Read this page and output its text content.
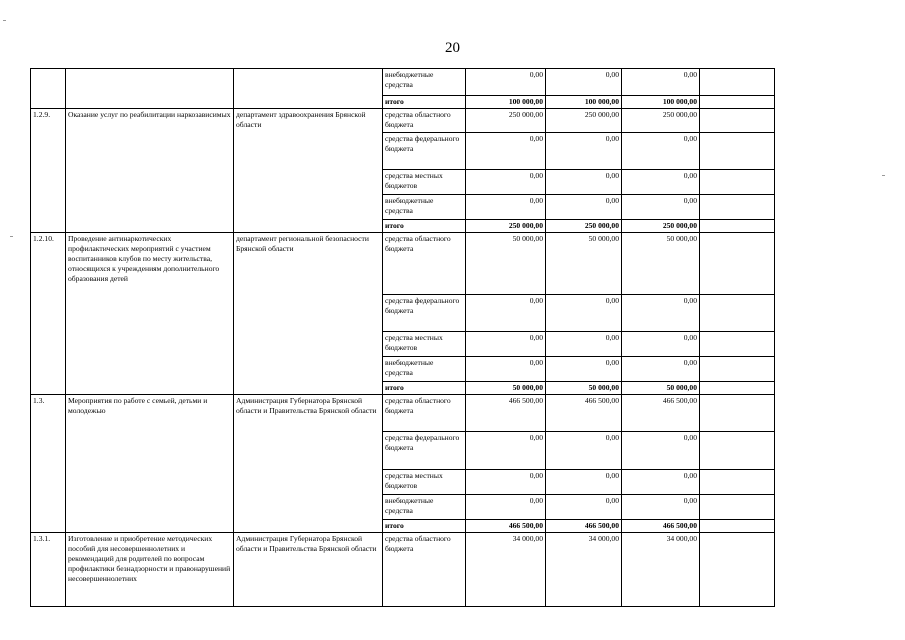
20
			внебюджетные средства	0,00	0,00	0,00	
			итого	100 000,00	100 000,00	100 000,00	
1.2.9.	Оказание услуг по реабилитации наркозависимых	департамент здравоохранения Брянской области	средства областного бюджета	250 000,00	250 000,00	250 000,00	
			средства федерального бюджета	0,00	0,00	0,00	
			средства местных бюджетов	0,00	0,00	0,00	
			внебюджетные средства	0,00	0,00	0,00	
			итого	250 000,00	250 000,00	250 000,00	
1.2.10.	Проведение антинаркотических профилактических мероприятий с участием воспитанников клубов по месту жительства, относящихся к учреждениям дополнительного образования детей	департамент региональной безопасности Брянской области	средства областного бюджета	50 000,00	50 000,00	50 000,00	
			средства федерального бюджета	0,00	0,00	0,00	
			средства местных бюджетов	0,00	0,00	0,00	
			внебюджетные средства	0,00	0,00	0,00	
			итого	50 000,00	50 000,00	50 000,00	
1.3.	Мероприятия по работе с семьей, детьми и молодежью	Администрация Губернатора Брянской области и Правительства Брянской области	средства областного бюджета	466 500,00	466 500,00	466 500,00	
			средства федерального бюджета	0,00	0,00	0,00	
			средства местных бюджетов	0,00	0,00	0,00	
			внебюджетные средства	0,00	0,00	0,00	
			итого	466 500,00	466 500,00	466 500,00	
1.3.1.	Изготовление и приобретение методических пособий для несовершеннолетних и рекомендаций для родителей по вопросам профилактики безнадзорности и правонарушений несовершеннолетних	Администрация Губернатора Брянской области и Правительства Брянской области	средства областного бюджета	34 000,00	34 000,00	34 000,00	
